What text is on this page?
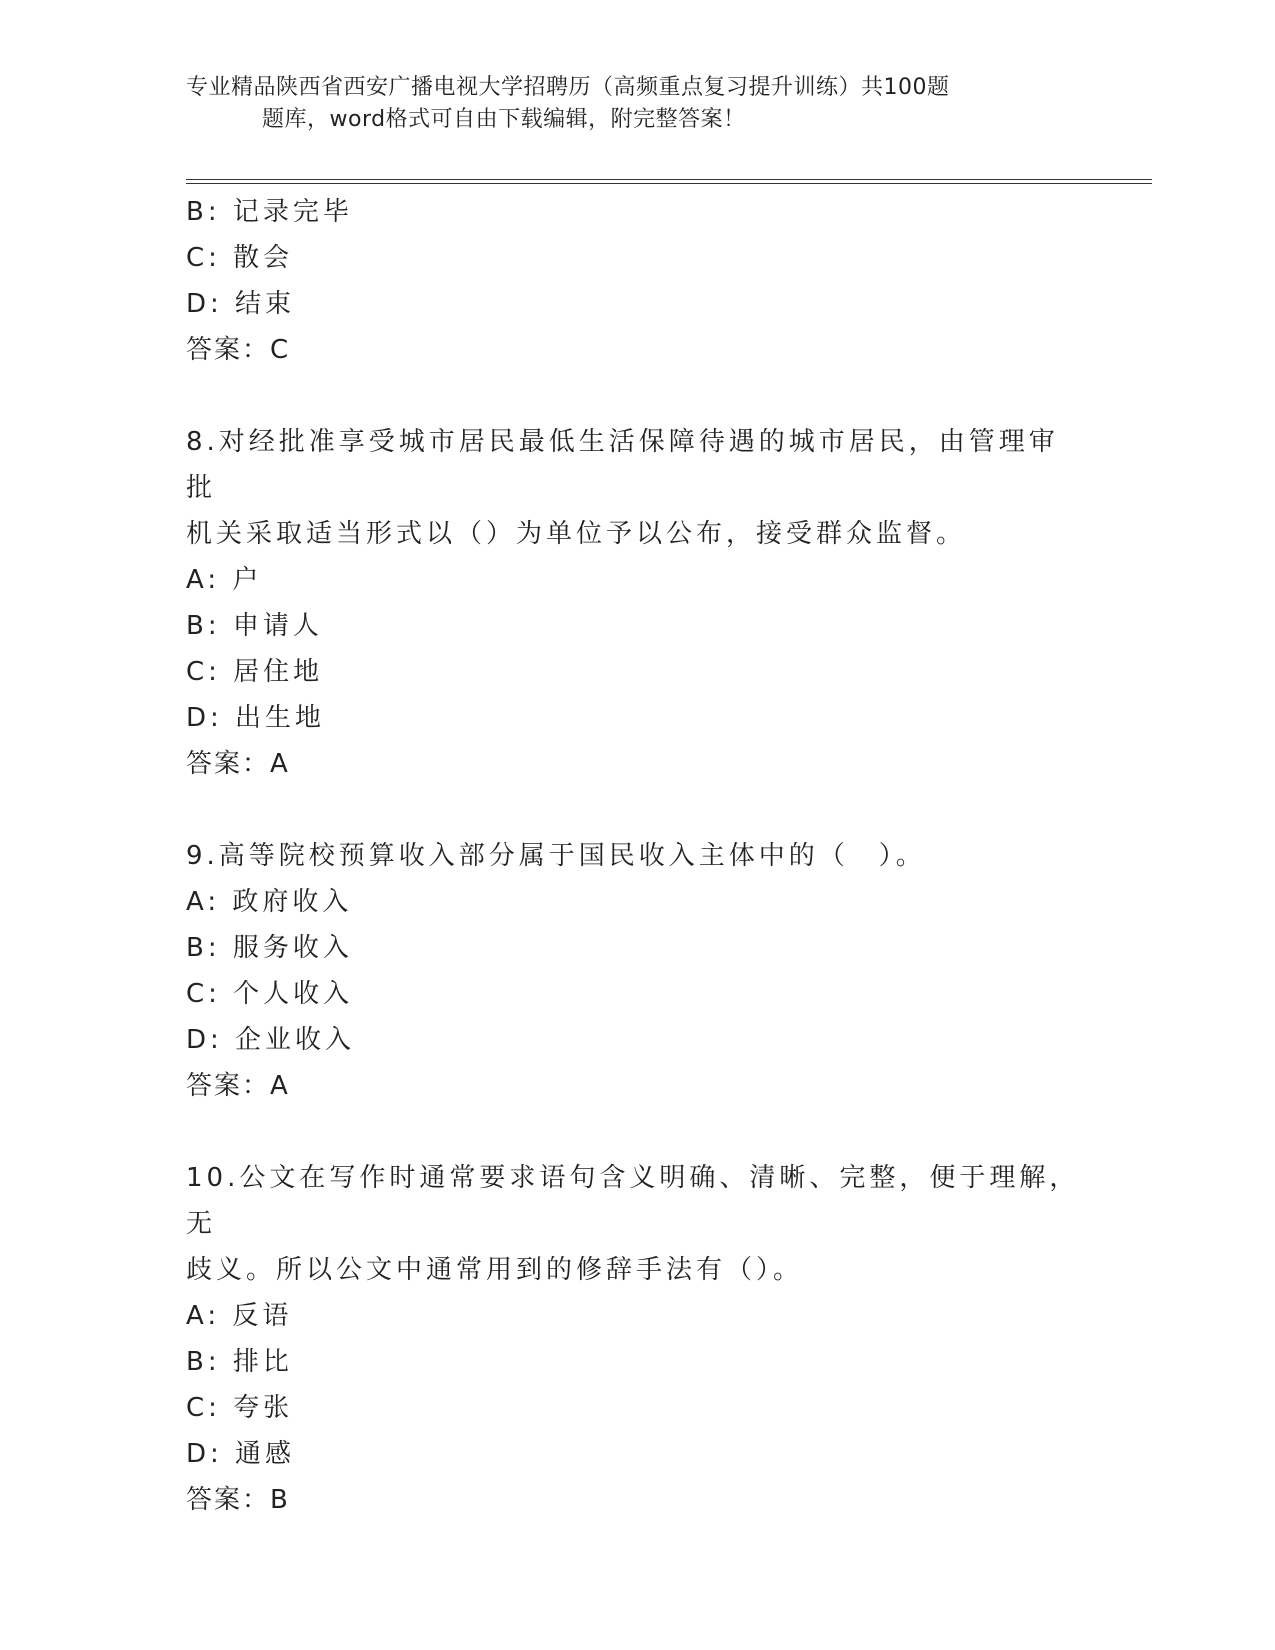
专业精品陕西省西安广播电视大学招聘历（高频重点复习提升训练）共100题
题库，word格式可自由下载编辑，附完整答案！
B: 记录完毕
C: 散会
D: 结束
答案：C
8.对经批准享受城市居民最低生活保障待遇的城市居民，由管理审批
机关采取适当形式以（）为单位予以公布，接受群众监督。
A: 户
B: 申请人
C: 居住地
D: 出生地
答案：A
9.高等院校预算收入部分属于国民收入主体中的（　）。
A: 政府收入
B: 服务收入
C: 个人收入
D: 企业收入
答案：A
10.公文在写作时通常要求语句含义明确、清晰、完整，便于理解，无
歧义。所以公文中通常用到的修辞手法有（）。
A: 反语
B: 排比
C: 夸张
D: 通感
答案：B
